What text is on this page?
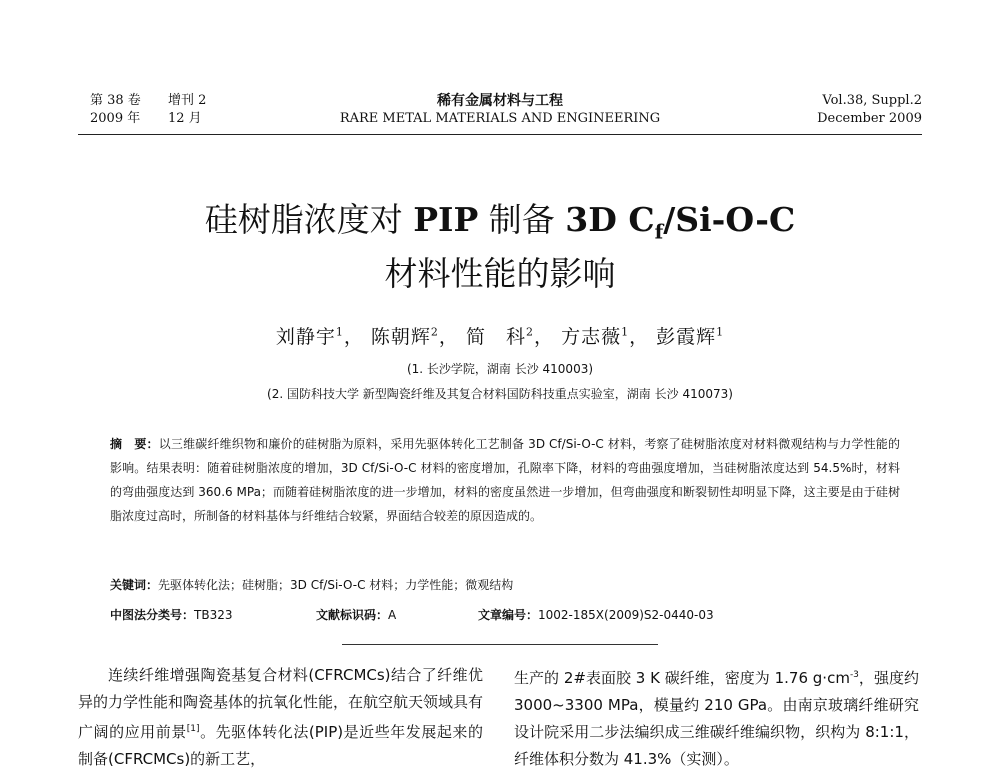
第 38 卷 增刊 2
2009 年 12 月
稀有金属材料与工程
RARE METAL MATERIALS AND ENGINEERING
Vol.38, Suppl.2
December 2009
硅树脂浓度对 PIP 制备 3D $C_f/Si-O-C$
材料性能的影响
刘静宇$^1$， 陈朝辉$^2$， 简　科$^2$， 方志薇$^1$， 彭霞辉$^1$
(1. 长沙学院，湖南 长沙 410003)
(2. 国防科技大学 新型陶瓷纤维及其复合材料国防科技重点实验室，湖南 长沙 410073)
摘　要：以三维碳纤维织物和廉价的硅树脂为原料，采用先驱体转化工艺制备 3D Cf/Si-O-C 材料，考察了硅树脂浓度对材料微观结构与力学性能的影响。结果表明：随着硅树脂浓度的增加，3D Cf/Si-O-C 材料的密度增加，孔隙率下降，材料的弯曲强度增加，当硅树脂浓度达到 54.5%时，材料的弯曲强度达到 360.6 MPa；而随着硅树脂浓度的进一步增加，材料的密度虽然进一步增加，但弯曲强度和断裂韧性却明显下降，这主要是由于硅树脂浓度过高时，所制备的材料基体与纤维结合较紧，界面结合较差的原因造成的。
关键词：先驱体转化法；硅树脂；3D Cf/Si-O-C 材料；力学性能；微观结构
中图法分类号：TB323	文献标识码：A	文章编号：1002-185X(2009)S2-0440-03

连续纤维增强陶瓷基复合材料(CFRCMCs)结合了纤维优异的力学性能和陶瓷基体的抗氧化性能，在航空航天领域具有广阔的应用前景[1]。先驱体转化法(PIP)是近些年发展起来的制备(CFRCMCs)的新工艺，

生产的 2#表面胶 3 K 碳纤维，密度为 1.76 $g\cdot cm^{-3}$，强度约 3000~3300 MPa，模量约 210 GPa。由南京玻璃纤维研究设计院采用二步法编织成三维碳纤维编织物，织构为 8:1:1，纤维体积分数为 41.3%（实测）。
